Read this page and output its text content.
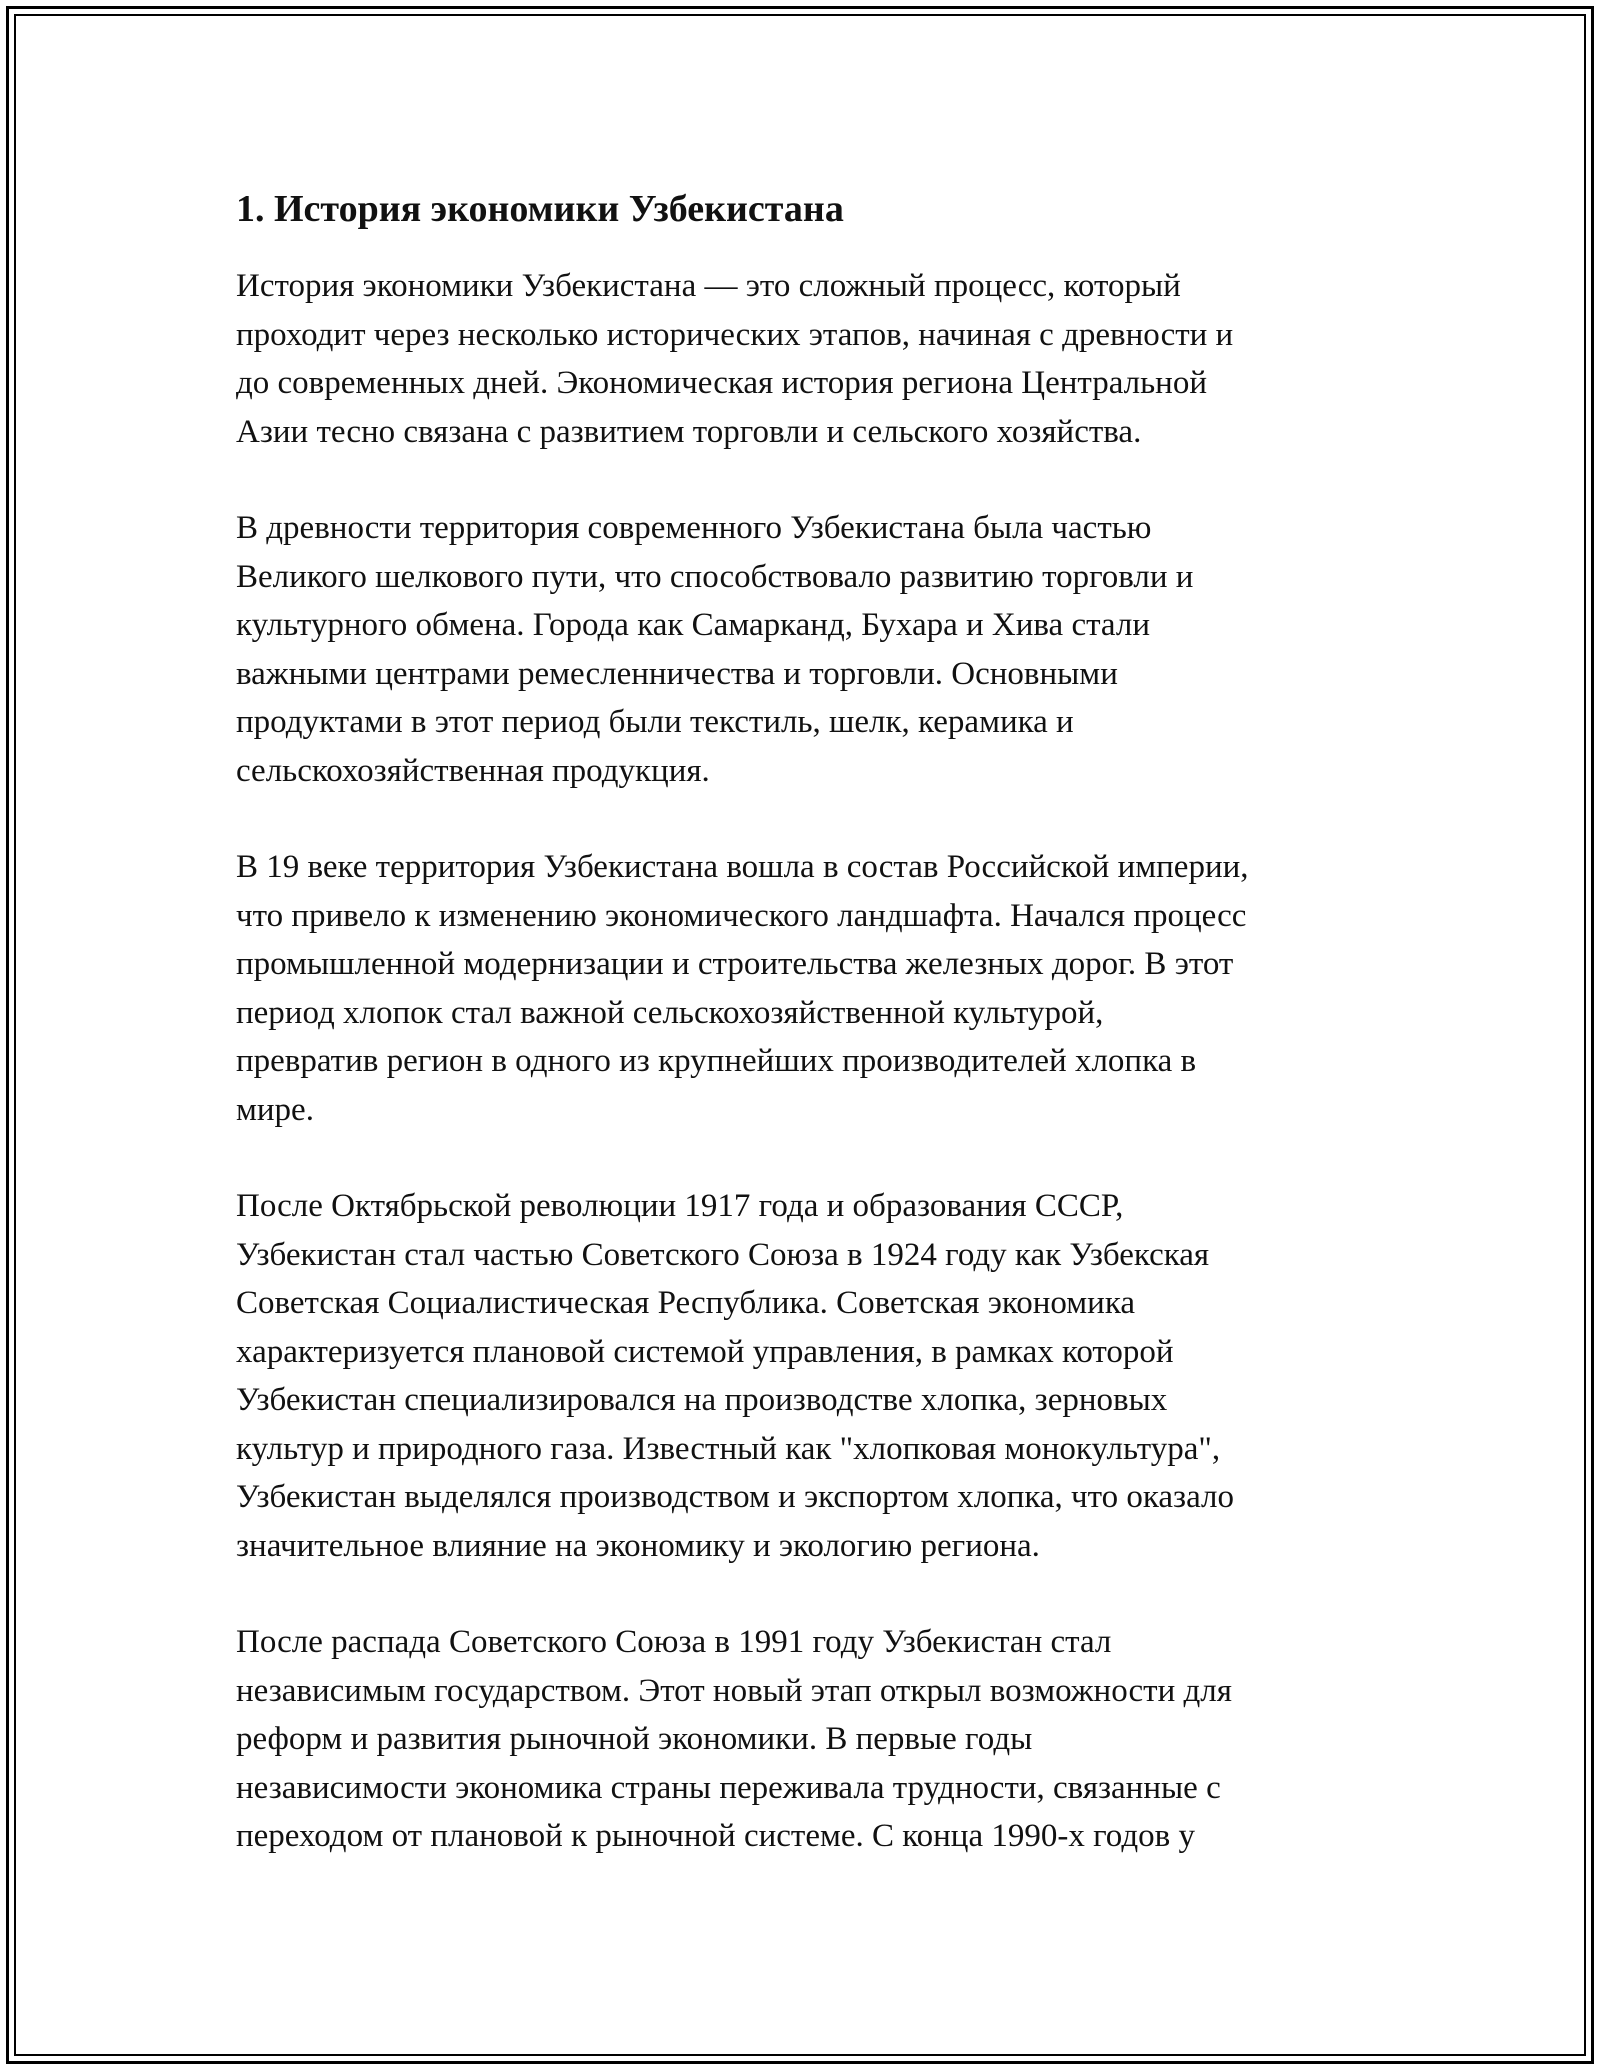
1. История экономики Узбекистана

История экономики Узбекистана — это сложный процесс, который
проходит через несколько исторических этапов, начиная с древности и
до современных дней. Экономическая история региона Центральной
Азии тесно связана с развитием торговли и сельского хозяйства.

В древности территория современного Узбекистана была частью
Великого шелкового пути, что способствовало развитию торговли и
культурного обмена. Города как Самарканд, Бухара и Хива стали
важными центрами ремесленничества и торговли. Основными
продуктами в этот период были текстиль, шелк, керамика и
сельскохозяйственная продукция.

В 19 веке территория Узбекистана вошла в состав Российской империи,
что привело к изменению экономического ландшафта. Начался процесс
промышленной модернизации и строительства железных дорог. В этот
период хлопок стал важной сельскохозяйственной культурой,
превратив регион в одного из крупнейших производителей хлопка в
мире.

После Октябрьской революции 1917 года и образования СССР,
Узбекистан стал частью Советского Союза в 1924 году как Узбекская
Советская Социалистическая Республика. Советская экономика
характеризуется плановой системой управления, в рамках которой
Узбекистан специализировался на производстве хлопка, зерновых
культур и природного газа. Известный как "хлопковая монокультура",
Узбекистан выделялся производством и экспортом хлопка, что оказало
значительное влияние на экономику и экологию региона.

После распада Советского Союза в 1991 году Узбекистан стал
независимым государством. Этот новый этап открыл возможности для
реформ и развития рыночной экономики. В первые годы
независимости экономика страны переживала трудности, связанные с
переходом от плановой к рыночной системе. С конца 1990-х годов у
